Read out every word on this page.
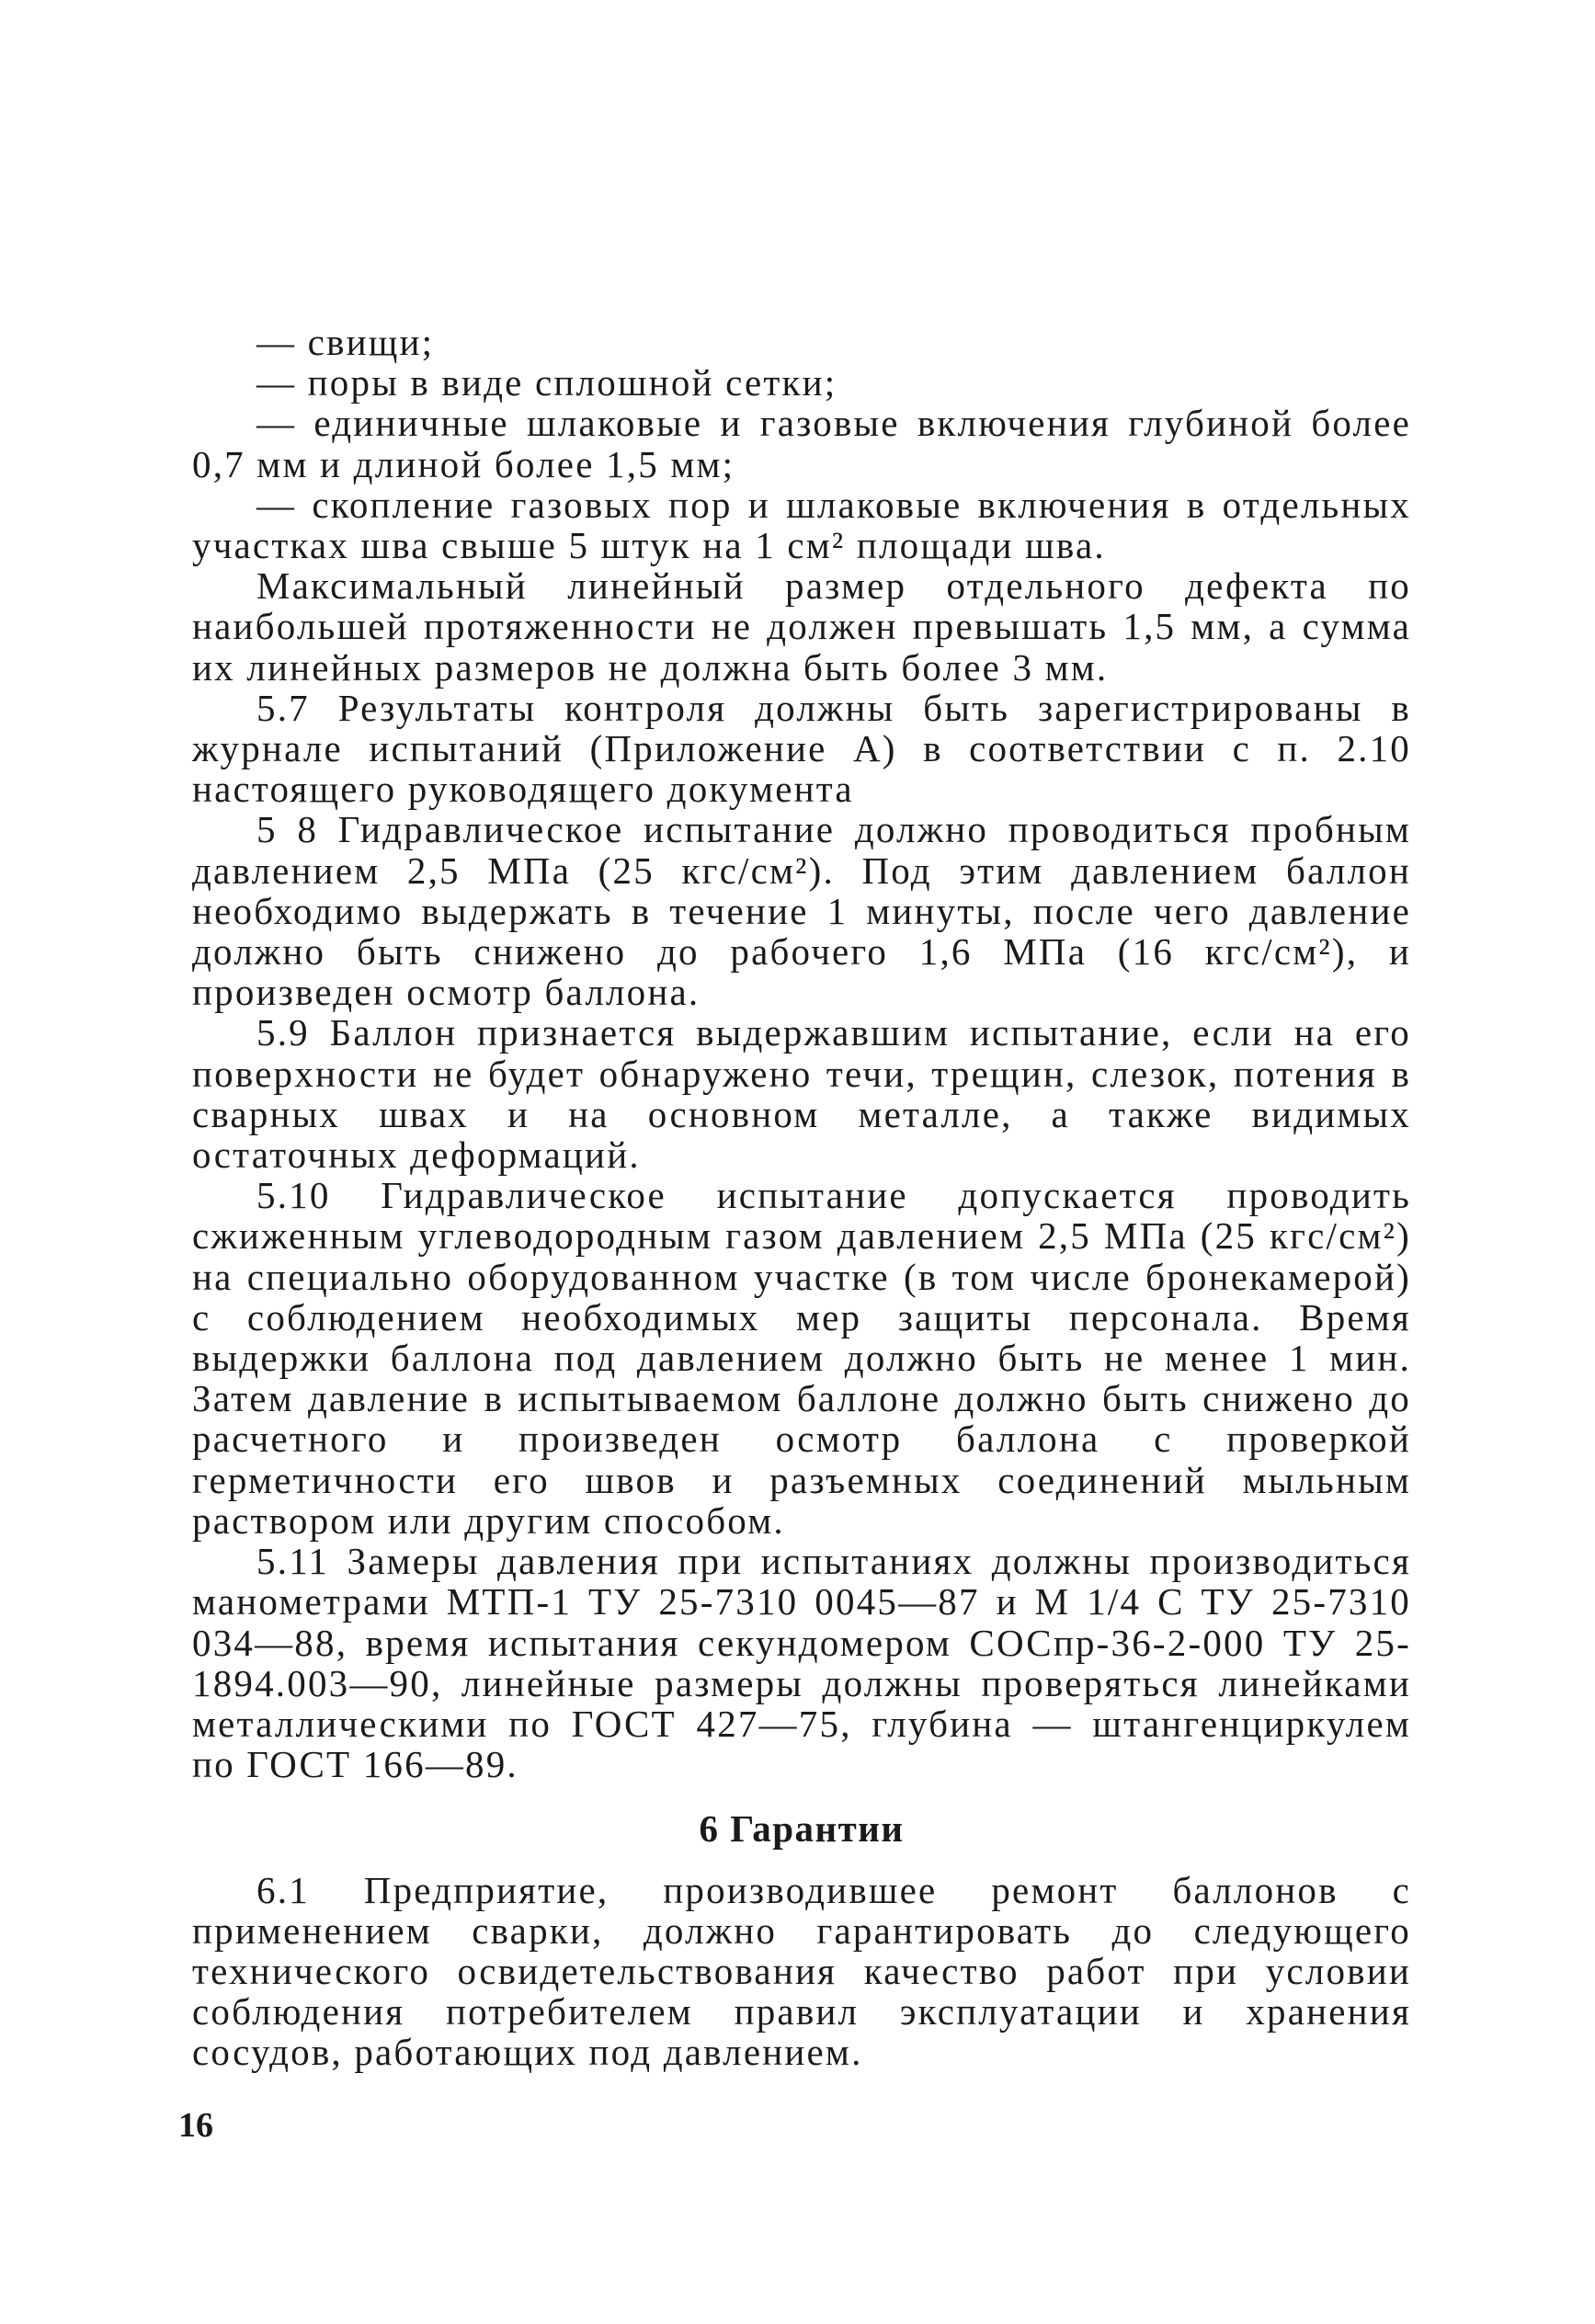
— свищи;

— поры в виде сплошной сетки;

— единичные шлаковые и газовые включения глубиной более 0,7 мм и длиной более 1,5 мм;

— скопление газовых пор и шлаковые включения в отдельных участках шва свыше 5 штук на 1 см² площади шва.

Максимальный линейный размер отдельного дефекта по наибольшей протяженности не должен превышать 1,5 мм, а сумма их линейных размеров не должна быть более 3 мм.

5.7 Результаты контроля должны быть зарегистрированы в журнале испытаний (Приложение А) в соответствии с п. 2.10 настоящего руководящего документа

5 8 Гидравлическое испытание должно проводиться пробным давлением 2,5 МПа (25 кгс/см²). Под этим давлением баллон необходимо выдержать в течение 1 минуты, после чего давление должно быть снижено до рабочего 1,6 МПа (16 кгс/см²), и произведен осмотр баллона.

5.9 Баллон признается выдержавшим испытание, если на его поверхности не будет обнаружено течи, трещин, слезок, потения в сварных швах и на основном металле, а также видимых остаточных деформаций.

5.10 Гидравлическое испытание допускается проводить сжиженным углеводородным газом давлением 2,5 МПа (25 кгс/см²) на специально оборудованном участке (в том числе бронекамерой) с соблюдением необходимых мер защиты персонала. Время выдержки баллона под давлением должно быть не менее 1 мин. Затем давление в испытываемом баллоне должно быть снижено до расчетного и произведен осмотр баллона с проверкой герметичности его швов и разъемных соединений мыльным раствором или другим способом.

5.11 Замеры давления при испытаниях должны производиться манометрами МТП-1 ТУ 25-7310 0045—87 и М 1/4 С ТУ 25-7310 034—88, время испытания секундомером СОСпр-36-2-000 ТУ 25-1894.003—90, линейные размеры должны проверяться линейками металлическими по ГОСТ 427—75, глубина — штангенциркулем по ГОСТ 166—89.

6 Гарантии

6.1 Предприятие, производившее ремонт баллонов с применением сварки, должно гарантировать до следующего технического освидетельствования качество работ при условии соблюдения потребителем правил эксплуатации и хранения сосудов, работающих под давлением.

16
